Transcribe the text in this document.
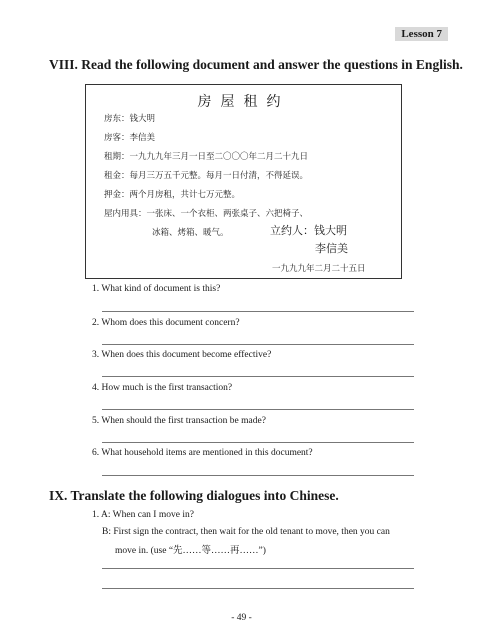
Lesson 7
VIII. Read the following document and answer the questions in English.
房屋租约
房东：钱大明
房客：李信美
租期：一九九九年三月一日至二〇〇〇年二月二十九日
租金：每月三万五千元整。每月一日付清，不得延误。
押金：两个月房租，共计七万元整。
屋内用具：一张床、一个衣柜、两张桌子、六把椅子、
冰箱、烤箱、暖气。	立约人：钱大明
李信美
一九九九年二月二十五日
1. What kind of document is this?
2. Whom does this document concern?
3. When does this document become effective?
4. How much is the first transaction?
5. When should the first transaction be made?
6. What household items are mentioned in this document?
IX. Translate the following dialogues into Chinese.
1. A: When can I move in?
B: First sign the contract, then wait for the old tenant to move, then you can
move in. (use “先……等……再……”)
- 49 -
